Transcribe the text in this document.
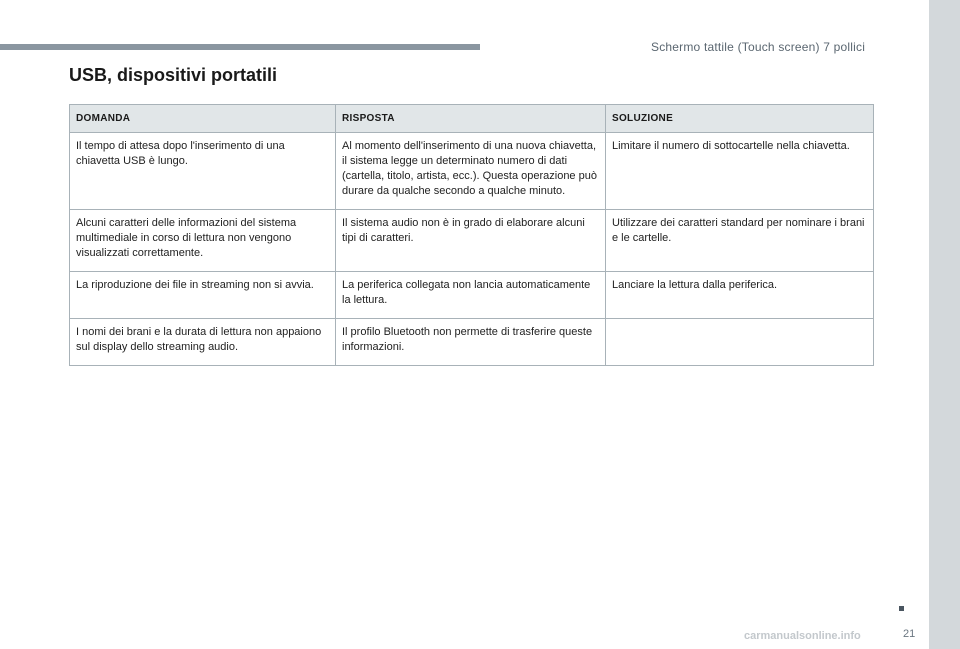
Schermo tattile (Touch screen) 7 pollici
USB, dispositivi portatili
DOMANDA	RISPOSTA	SOLUZIONE
Il tempo di attesa dopo l'inserimento di una chiavetta USB è lungo.	Al momento dell'inserimento di una nuova chiavetta, il sistema legge un determinato numero di dati (cartella, titolo, artista, ecc.). Questa operazione può durare da qualche secondo a qualche minuto.	Limitare il numero di sottocartelle nella chiavetta.
Alcuni caratteri delle informazioni del sistema multimediale in corso di lettura non vengono visualizzati correttamente.	Il sistema audio non è in grado di elaborare alcuni tipi di caratteri.	Utilizzare dei caratteri standard per nominare i brani e le cartelle.
La riproduzione dei file in streaming non si avvia.	La periferica collegata non lancia automaticamente la lettura.	Lanciare la lettura dalla periferica.
I nomi dei brani e la durata di lettura non appaiono sul display dello streaming audio.	Il profilo Bluetooth non permette di trasferire queste informazioni.	
21
carmanualsonline.info
